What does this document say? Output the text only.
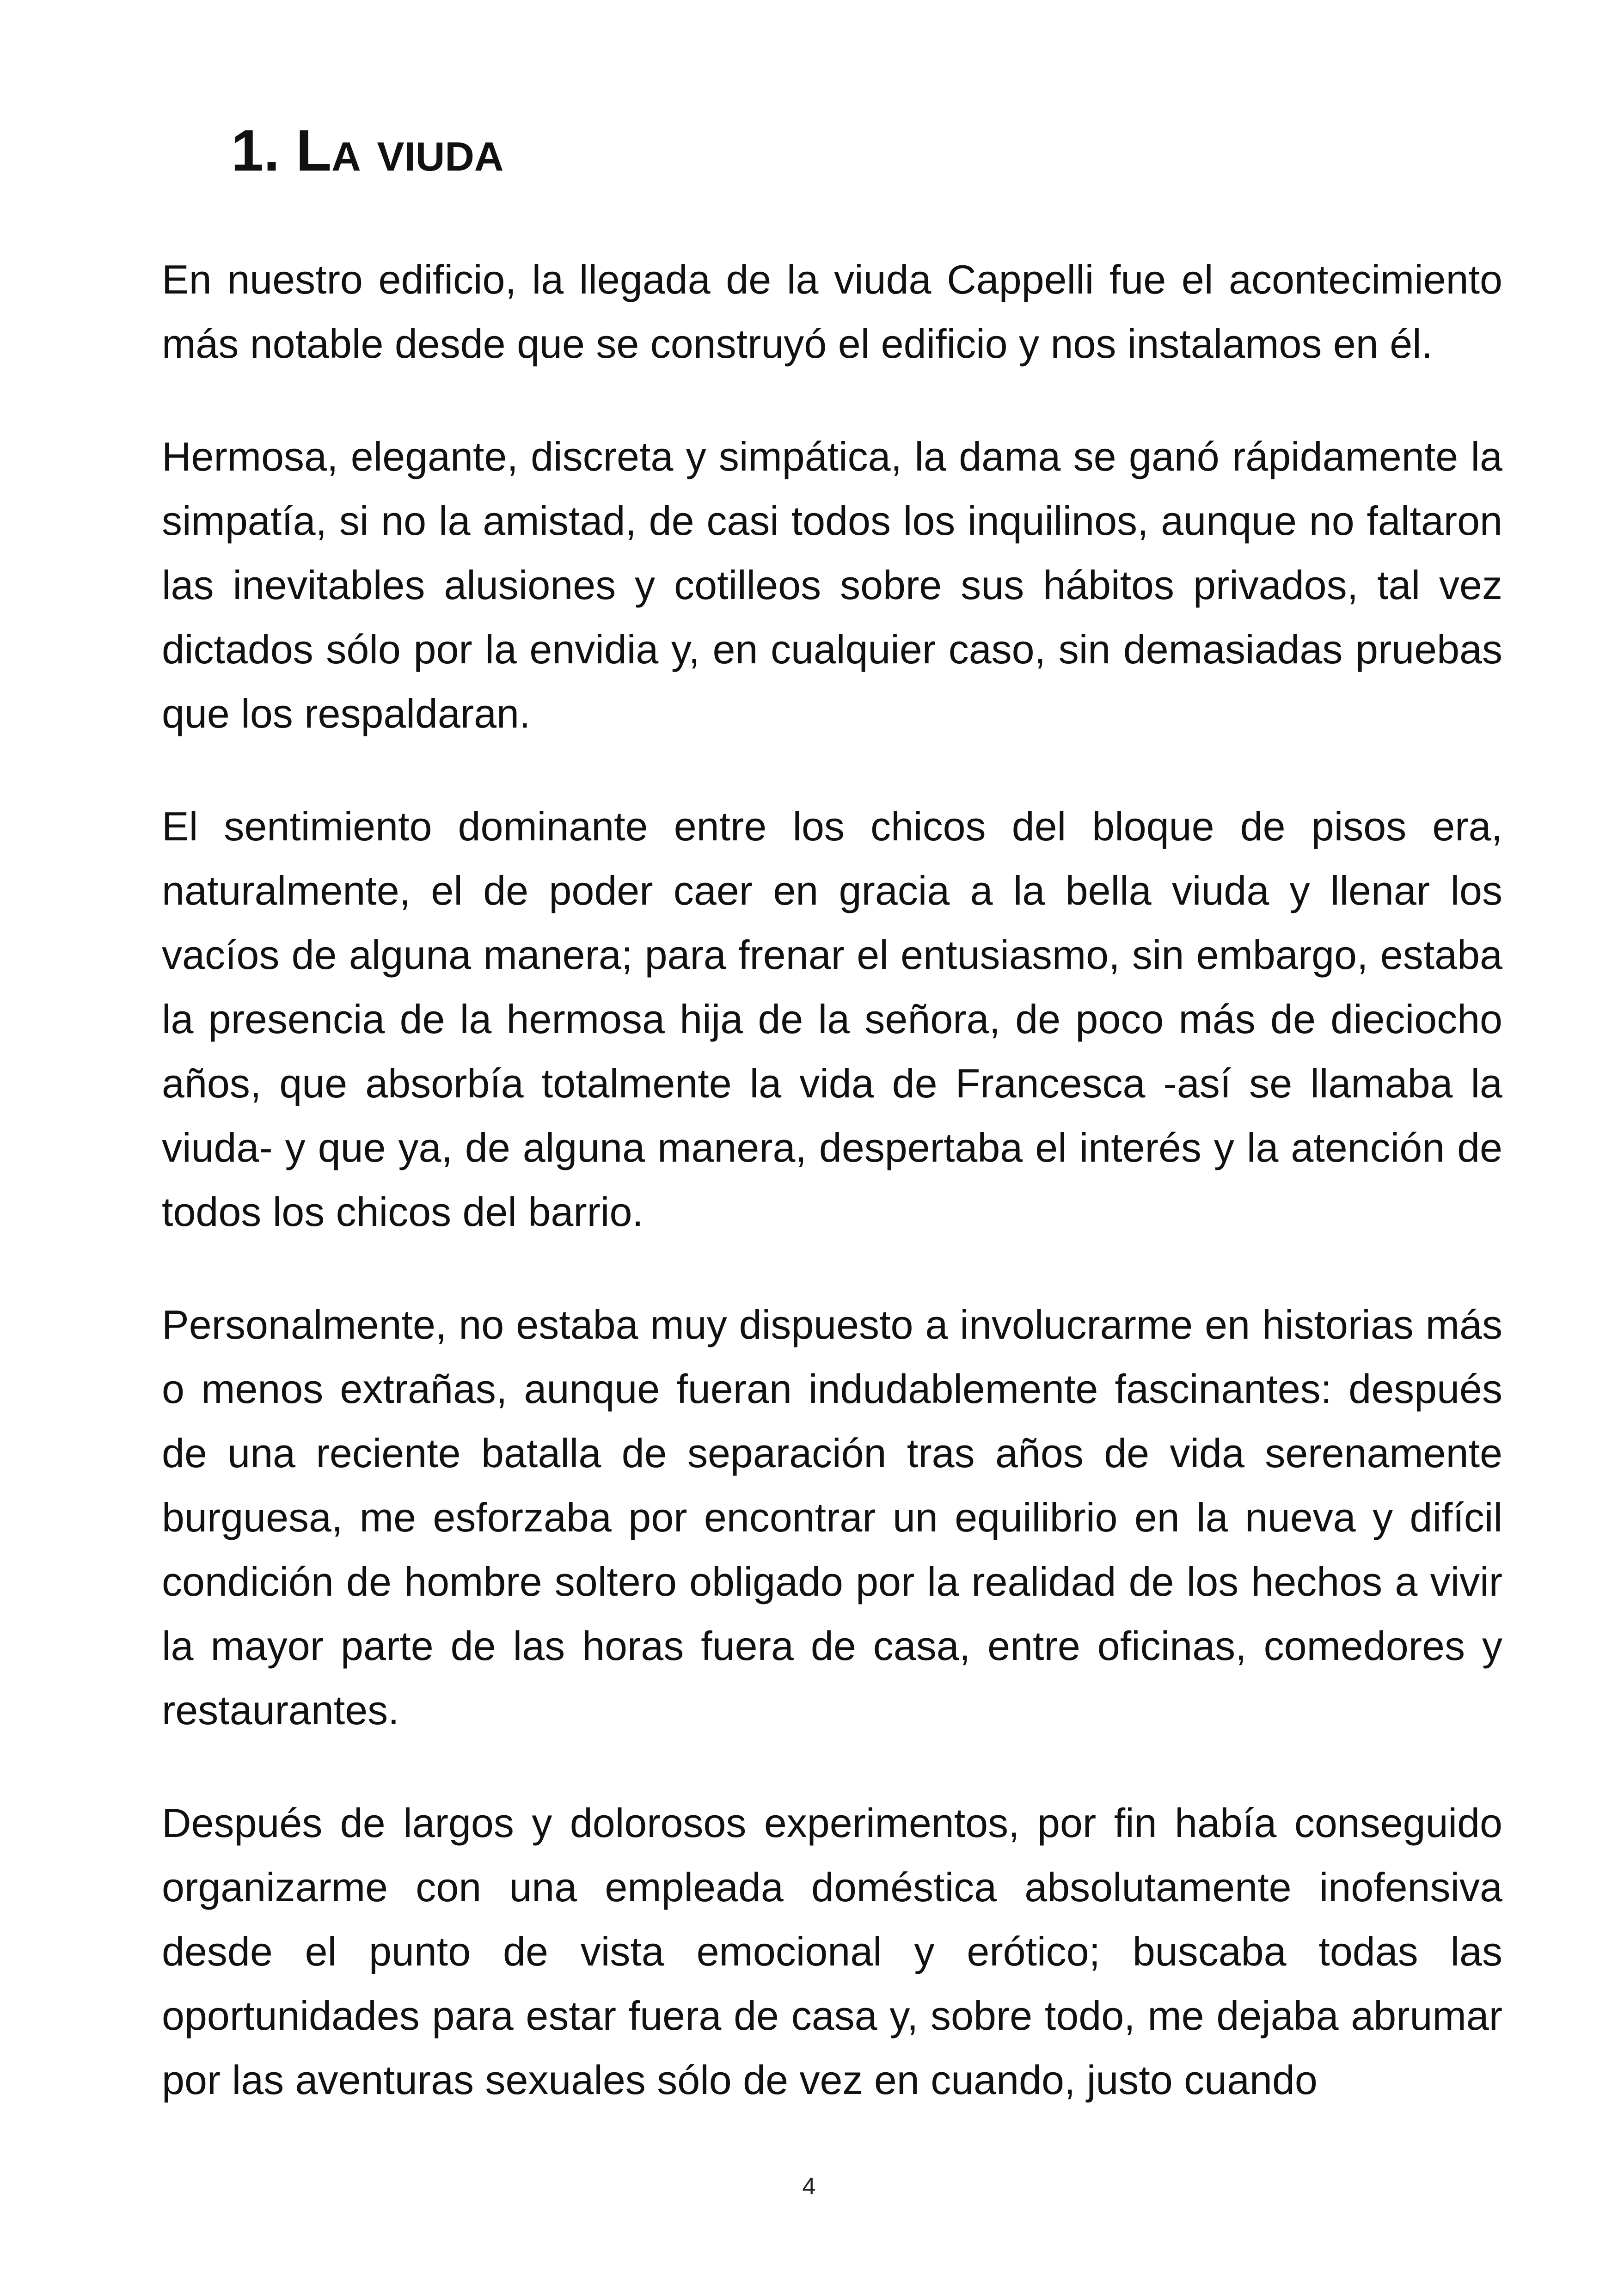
1. La viuda

En nuestro edificio, la llegada de la viuda Cappelli fue el acontecimiento más notable desde que se construyó el edificio y nos instalamos en él.

Hermosa, elegante, discreta y simpática, la dama se ganó rápidamente la simpatía, si no la amistad, de casi todos los inquilinos, aunque no faltaron las inevitables alusiones y cotilleos sobre sus hábitos privados, tal vez dictados sólo por la envidia y, en cualquier caso, sin demasiadas pruebas que los respaldaran.

El sentimiento dominante entre los chicos del bloque de pisos era, naturalmente, el de poder caer en gracia a la bella viuda y llenar los vacíos de alguna manera; para frenar el entusiasmo, sin embargo, estaba la presencia de la hermosa hija de la señora, de poco más de dieciocho años, que absorbía totalmente la vida de Francesca -así se llamaba la viuda- y que ya, de alguna manera, despertaba el interés y la atención de todos los chicos del barrio.

Personalmente, no estaba muy dispuesto a involucrarme en historias más o menos extrañas, aunque fueran indudablemente fascinantes: después de una reciente batalla de separación tras años de vida serenamente burguesa, me esforzaba por encontrar un equilibrio en la nueva y difícil condición de hombre soltero obligado por la realidad de los hechos a vivir la mayor parte de las horas fuera de casa, entre oficinas, comedores y restaurantes.

Después de largos y dolorosos experimentos, por fin había conseguido organizarme con una empleada doméstica absolutamente inofensiva desde el punto de vista emocional y erótico; buscaba todas las oportunidades para estar fuera de casa y, sobre todo, me dejaba abrumar por las aventuras sexuales sólo de vez en cuando, justo cuando

4
